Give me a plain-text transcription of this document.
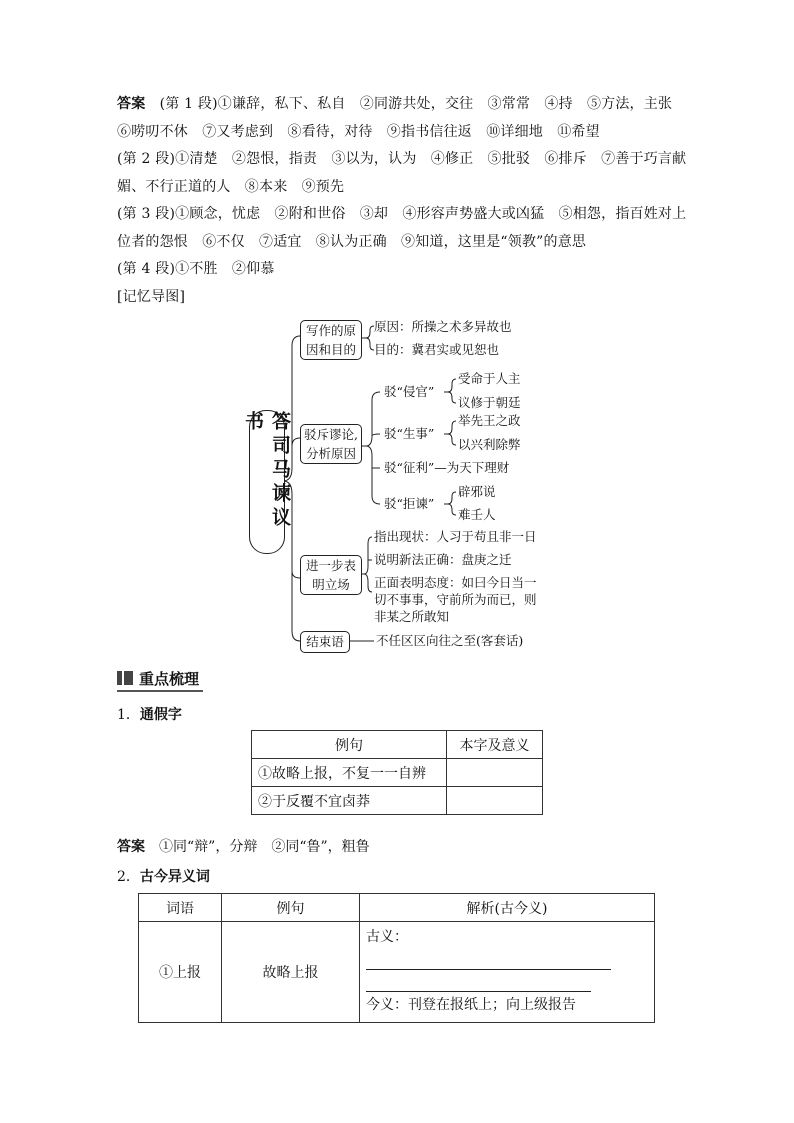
答案　 (第 1 段)①谦辞，私下、私自　②同游共处，交往　③常常　④持　⑤方法，主张
⑥唠叨不休　⑦又考虑到　⑧看待，对待　⑨指书信往返　⑩详细地　⑪希望
(第 2 段)①清楚　②怨恨，指责　③以为，认为　④修正　⑤批驳　⑥排斥　⑦善于巧言献
媚、不行正道的人　⑧本来　⑨预先
(第 3 段)①顾念，忧虑　②附和世俗　③却　④形容声势盛大或凶猛　⑤相怨，指百姓对上
位者的怨恨　⑥不仅　⑦适宜　⑧认为正确　⑨知道，这里是“领教”的意思
(第 4 段)①不胜　②仰慕
[记忆导图]
答司马谏议书
写作的原
因和目的
原因：所操之术多异故也
目的：冀君实或见恕也
驳斥谬论,
分析原因
驳“侵官”
受命于人主
议修于朝廷
驳“生事”
举先王之政
以兴利除弊
驳“征利”—为天下理财
驳“拒谏”
辟邪说
难壬人
进一步表
明立场
指出现状：人习于苟且非一日
说明新法正确：盘庚之迁
正面表明态度：如曰今日当一
切不事事，守前所为而已，则
非某之所敢知
结束语	不任区区向往之至(客套话)
重点梳理
1．通假字
例句	本字及意义
①故略上报，不复一一自辨	
②于反覆不宜卤莽	
答案　 ①同“辩”，分辩　②同“鲁”，粗鲁
2．古今异义词
词语	例句	解析(古今义)
①上报	故略上报	古义：
今义：刊登在报纸上；向上级报告
